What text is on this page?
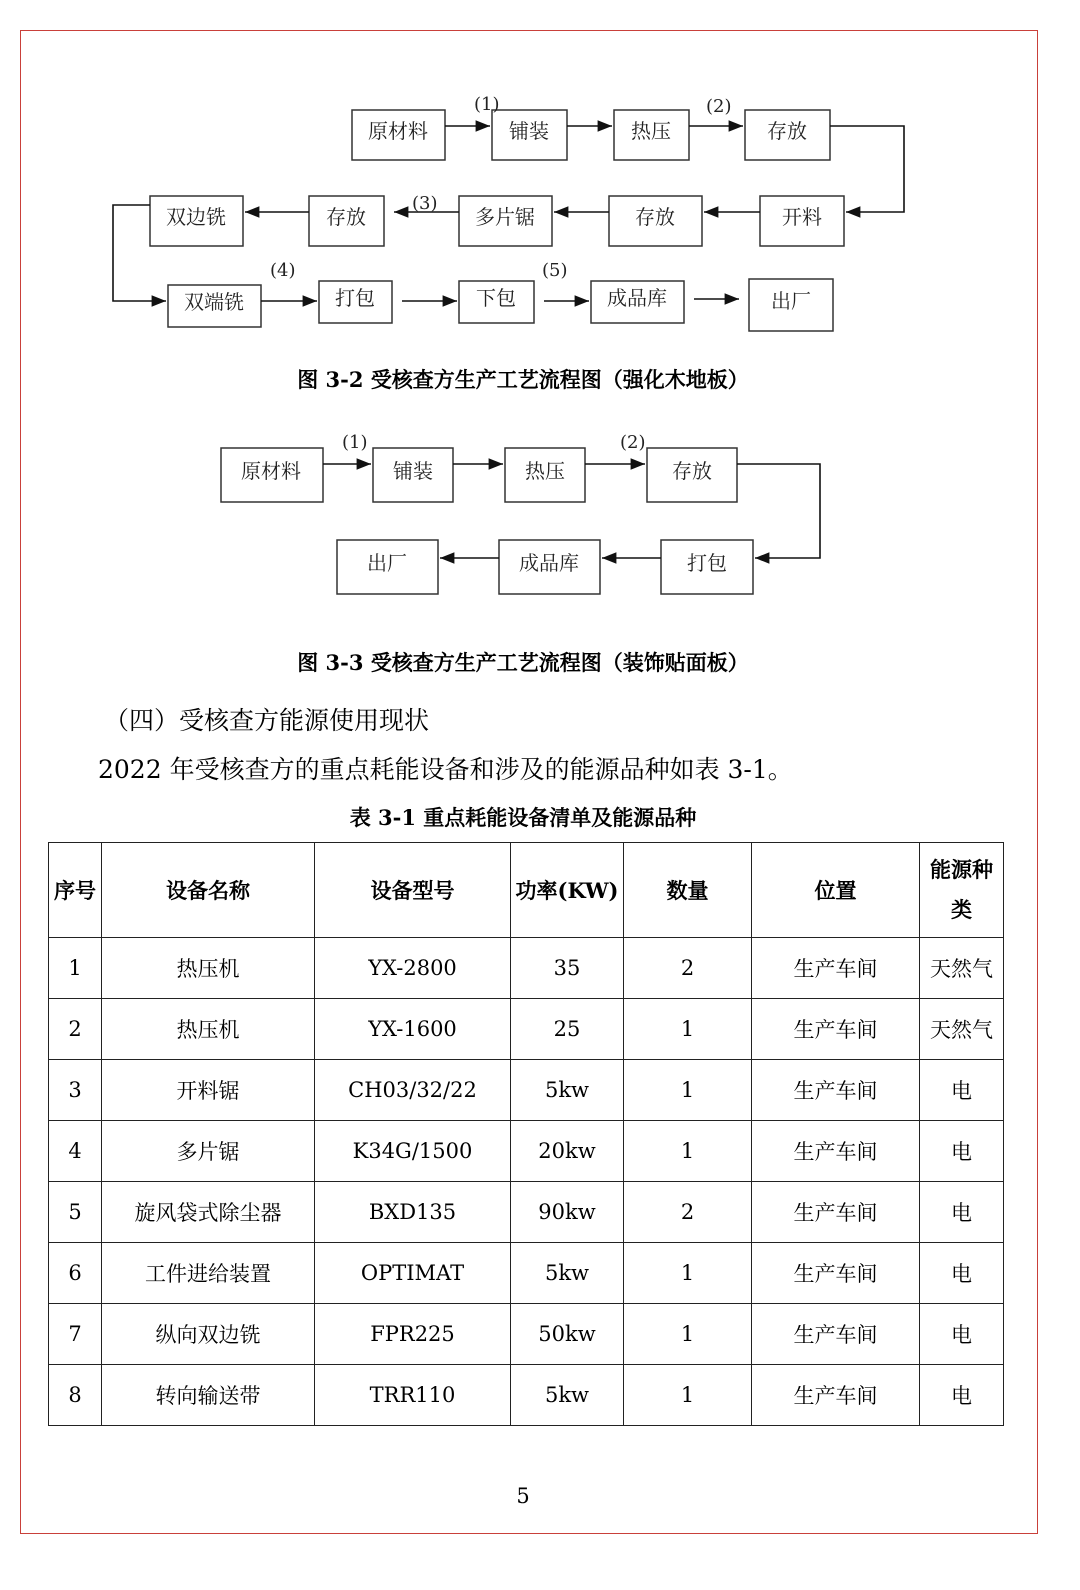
原材料	铺装	热压	存放
(1)	(2)
开料
存放
多片锯
存放
双边铣
(3)
双端铣	打包	下包	成品库	出厂
(4)	(5)
图 3-2 受核查方生产工艺流程图（强化木地板）
原材料	铺装	热压	存放
(1)	(2)
打包
成品库
出厂
图 3-3 受核查方生产工艺流程图（装饰贴面板）
（四）受核查方能源使用现状
2022 年受核查方的重点耗能设备和涉及的能源品种如表 3-1。
表 3-1 重点耗能设备清单及能源品种
序号	设备名称	设备型号	功率(KW)	数量	位置	能源种类
1	热压机	YX-2800	35	2	生产车间	天然气
2	热压机	YX-1600	25	1	生产车间	天然气
3	开料锯	CH03/32/22	5kw	1	生产车间	电
4	多片锯	K34G/1500	20kw	1	生产车间	电
5	旋风袋式除尘器	BXD135	90kw	2	生产车间	电
6	工件进给装置	OPTIMAT	5kw	1	生产车间	电
7	纵向双边铣	FPR225	50kw	1	生产车间	电
8	转向输送带	TRR110	5kw	1	生产车间	电
5
